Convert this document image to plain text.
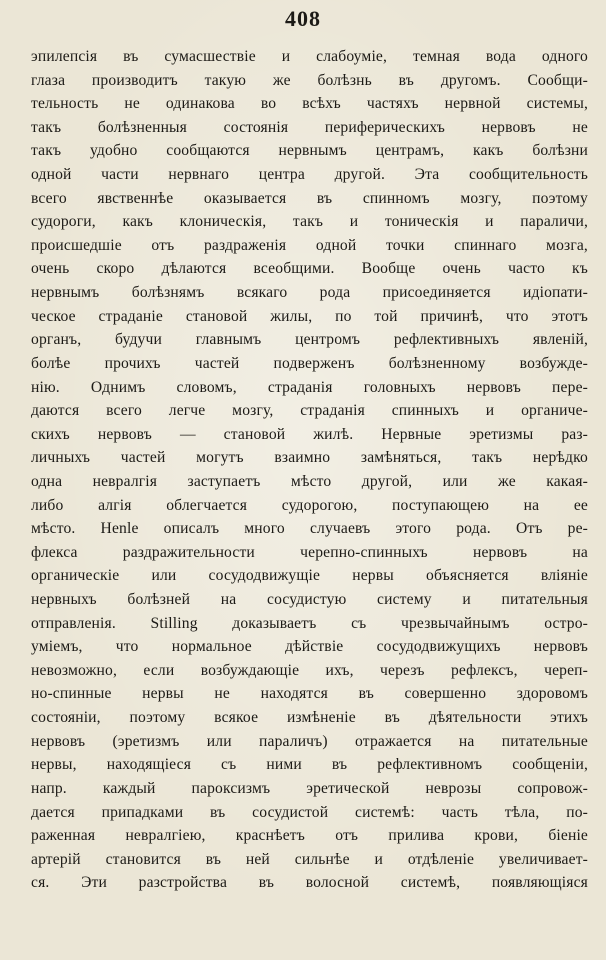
408
эпилепсія въ сумасшествіе и слабоуміе, темная вода одного
глаза производитъ такую же болѣзнь въ другомъ. Сообщи-
тельность не одинакова во всѣхъ частяхъ нервной системы,
такъ болѣзненныя состоянія периферическихъ нервовъ не
такъ удобно сообщаются нервнымъ центрамъ, какъ болѣзни
одной части нервнаго центра другой. Эта сообщительность
всего явственнѣе оказывается въ спинномъ мозгу, поэтому
судороги, какъ клоническія, такъ и тоническія и параличи,
происшедшіе отъ раздраженія одной точки спиннаго мозга,
очень скоро дѣлаются всеобщими. Вообще очень часто къ
нервнымъ болѣзнямъ всякаго рода присоединяется идіопати-
ческое страданіе становой жилы, по той причинѣ, что этотъ
органъ, будучи главнымъ центромъ рефлективныхъ явленій,
болѣе прочихъ частей подверженъ болѣзненному возбужде-
нію. Однимъ словомъ, страданія головныхъ нервовъ пере-
даются всего легче мозгу, страданія спинныхъ и органиче-
скихъ нервовъ — становой жилѣ. Нервные эретизмы раз-
личныхъ частей могутъ взаимно замѣняться, такъ нерѣдко
одна невралгія заступаетъ мѣсто другой, или же какая-
либо алгія облегчается судорогою, поступающею на ее
мѣсто. Henle описалъ много случаевъ этого рода. Отъ ре-
флекса раздражительности черепно-спинныхъ нервовъ на
органическіе или сосудодвижущіе нервы объясняется вліяніе
нервныхъ болѣзней на сосудистую систему и питательныя
отправленія. Stilling доказываетъ съ чрезвычайнымъ остро-
уміемъ, что нормальное дѣйствіе сосудодвижущихъ нервовъ
невозможно, если возбуждающіе ихъ, черезъ рефлексъ, череп-
но-спинные нервы не находятся въ совершенно здоровомъ
состояніи, поэтому всякое измѣненіе въ дѣятельности этихъ
нервовъ (эретизмъ или параличъ) отражается на питательные
нервы, находящіеся съ ними въ рефлективномъ сообщеніи,
напр. каждый пароксизмъ эретической неврозы сопровож-
дается припадками въ сосудистой системѣ: часть тѣла, по-
раженная невралгіею, краснѣетъ отъ прилива крови, біеніе
артерій становится въ ней сильнѣе и отдѣленіе увеличивает-
ся. Эти разстройства въ волосной системѣ, появляющіяся
